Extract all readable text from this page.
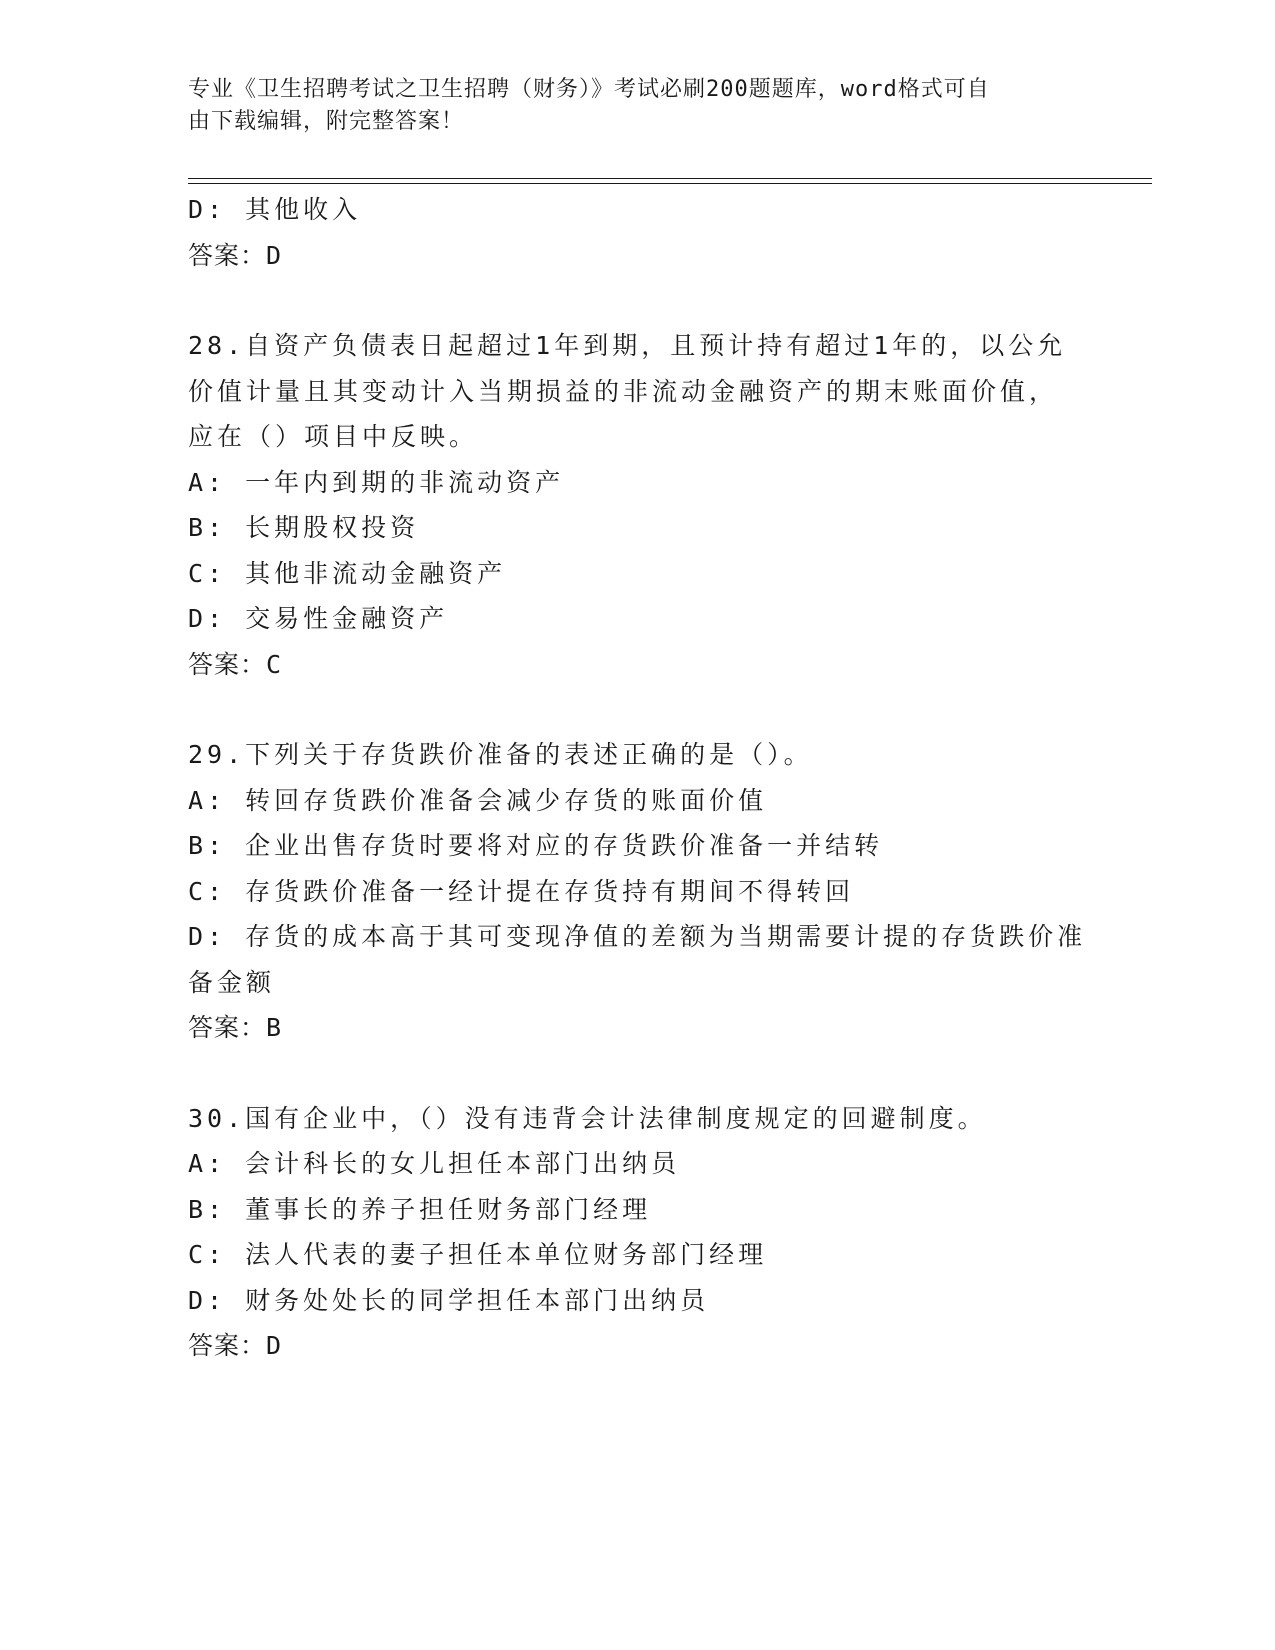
专业《卫生招聘考试之卫生招聘（财务）》考试必刷200题题库，word格式可自
由下载编辑，附完整答案！

D: 其他收入

答案：D

28.自资产负债表日起超过1年到期，且预计持有超过1年的，以公允

价值计量且其变动计入当期损益的非流动金融资产的期末账面价值，

应在（）项目中反映。

A: 一年内到期的非流动资产

B: 长期股权投资

C: 其他非流动金融资产

D: 交易性金融资产

答案：C

29.下列关于存货跌价准备的表述正确的是（）。

A: 转回存货跌价准备会减少存货的账面价值

B: 企业出售存货时要将对应的存货跌价准备一并结转

C: 存货跌价准备一经计提在存货持有期间不得转回

D: 存货的成本高于其可变现净值的差额为当期需要计提的存货跌价准

备金额

答案：B

30.国有企业中，（）没有违背会计法律制度规定的回避制度。

A: 会计科长的女儿担任本部门出纳员

B: 董事长的养子担任财务部门经理

C: 法人代表的妻子担任本单位财务部门经理

D: 财务处处长的同学担任本部门出纳员

答案：D
